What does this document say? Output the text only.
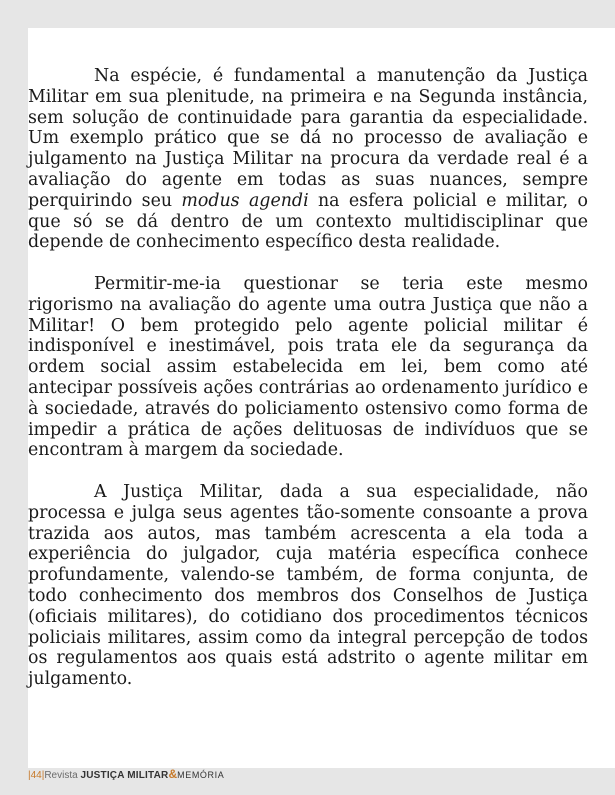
Na espécie, é fundamental a manutenção da Justiça Militar em sua plenitude, na primeira e na Segunda instância, sem solução de continuidade para garantia da especialidade. Um exemplo prático que se dá no processo de avaliação e julgamento na Justiça Militar na procura da verdade real é a avaliação do agente em todas as suas nuances, sempre perquirindo seu modus agendi na esfera policial e militar, o que só se dá dentro de um contexto multidisciplinar que depende de conhecimento específico desta realidade.

Permitir-me-ia questionar se teria este mesmo rigorismo na avaliação do agente uma outra Justiça que não a Militar! O bem protegido pelo agente policial militar é indisponível e inestimável, pois trata ele da segurança da ordem social assim estabelecida em lei, bem como até antecipar possíveis ações contrárias ao ordenamento jurídico e à sociedade, através do policiamento ostensivo como forma de impedir a prática de ações delituosas de indivíduos que se encontram à margem da sociedade.

A Justiça Militar, dada a sua especialidade, não processa e julga seus agentes tão-somente consoante a prova trazida aos autos, mas também acrescenta a ela toda a experiência do julgador, cuja matéria específica conhece profundamente, valendo-se também, de forma conjunta, de todo conhecimento dos membros dos Conselhos de Justiça (oficiais militares), do cotidiano dos procedimentos técnicos policiais militares, assim como da integral percepção de todos os regulamentos aos quais está adstrito o agente militar em julgamento.

|44|Revista JUSTIÇA MILITAR&MEMÓRIA
